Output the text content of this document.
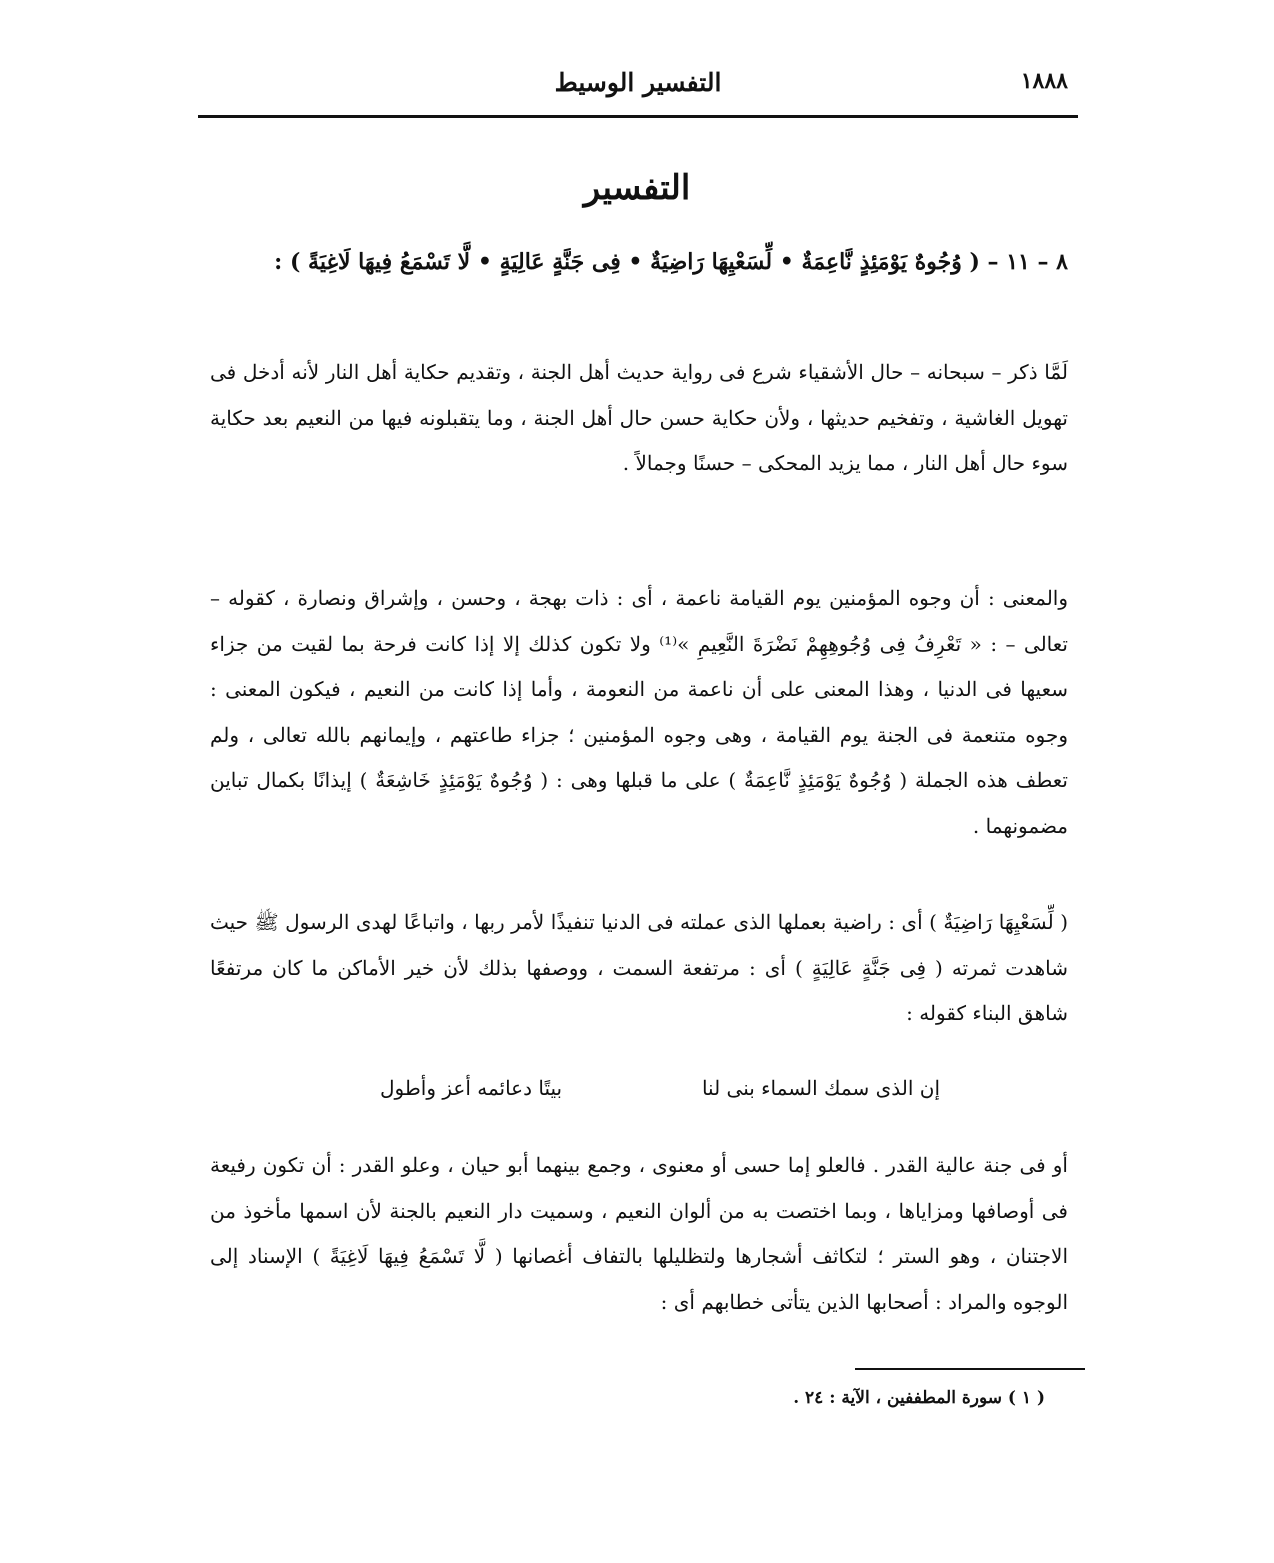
١٨٨٨
التفسير الوسيط
التفسير
٨ – ١١ – ( وُجُوهٌ يَوْمَئِذٍ نَّاعِمَةٌ • لِّسَعْيِهَا رَاضِيَةٌ • فِى جَنَّةٍ عَالِيَةٍ • لَّا تَسْمَعُ فِيهَا لَاغِيَةً ) :
لَمَّا ذكر – سبحانه – حال الأشقياء شرع فى رواية حديث أهل الجنة ، وتقديم حكاية أهل النار لأنه أدخل فى تهويل الغاشية ، وتفخيم حديثها ، ولأن حكاية حسن حال أهل الجنة ، وما يتقبلونه فيها من النعيم بعد حكاية سوء حال أهل النار ، مما يزيد المحكى – حسنًا وجمالاً .
والمعنى : أن وجوه المؤمنين يوم القيامة ناعمة ، أى : ذات بهجة ، وحسن ، وإشراق ونصارة ، كقوله – تعالى – : « تَعْرِفُ فِى وُجُوهِهِمْ نَضْرَةَ النَّعِيمِ »⁽¹⁾ ولا تكون كذلك إلا إذا كانت فرحة بما لقيت من جزاء سعيها فى الدنيا ، وهذا المعنى على أن ناعمة من النعومة ، وأما إذا كانت من النعيم ، فيكون المعنى : وجوه متنعمة فى الجنة يوم القيامة ، وهى وجوه المؤمنين ؛ جزاء طاعتهم ، وإيمانهم بالله تعالى ، ولم تعطف هذه الجملة ( وُجُوهٌ يَوْمَئِذٍ نَّاعِمَةٌ ) على ما قبلها وهى : ( وُجُوهٌ يَوْمَئِذٍ خَاشِعَةٌ ) إيذانًا بكمال تباين مضمونهما .
( لِّسَعْيِهَا رَاضِيَةٌ ) أى : راضية بعملها الذى عملته فى الدنيا تنفيذًا لأمر ربها ، واتباعًا لهدى الرسول ﷺ حيث شاهدت ثمرته ( فِى جَنَّةٍ عَالِيَةٍ ) أى : مرتفعة السمت ، ووصفها بذلك لأن خير الأماكن ما كان مرتفعًا شاهق البناء كقوله :
إن الذى سمك السماء بنى لنا
بيتًا دعائمه أعز وأطول
أو فى جنة عالية القدر . فالعلو إما حسى أو معنوى ، وجمع بينهما أبو حيان ، وعلو القدر : أن تكون رفيعة فى أوصافها ومزاياها ، وبما اختصت به من ألوان النعيم ، وسميت دار النعيم بالجنة لأن اسمها مأخوذ من الاجتنان ، وهو الستر ؛ لتكاثف أشجارها ولتظليلها بالتفاف أغصانها ( لَّا تَسْمَعُ فِيهَا لَاغِيَةً ) الإسناد إلى الوجوه والمراد : أصحابها الذين يتأتى خطابهم أى :
( ١ ) سورة المطففين ، الآية : ٢٤ .
